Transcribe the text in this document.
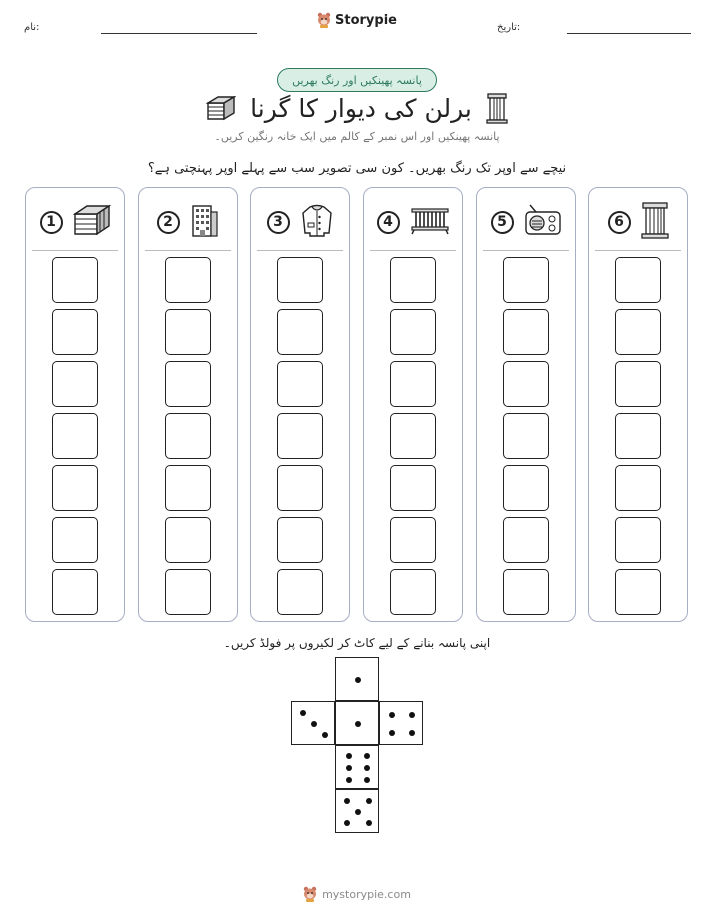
نام:	تاریخ:
Storypie
پانسہ پھینکیں اور رنگ بھریں
برلن کی دیوار کا گرنا
پانسہ پھینکیں اور اس نمبر کے کالم میں ایک خانہ رنگین کریں۔
نیچے سے اوپر تک رنگ بھریں۔ کون سی تصویر سب سے پہلے اوپر پہنچتی ہے؟
1	2	3	4	5	6
اپنی پانسہ بنانے کے لیے کاٹ کر لکیروں پر فولڈ کریں۔
mystorypie.com
